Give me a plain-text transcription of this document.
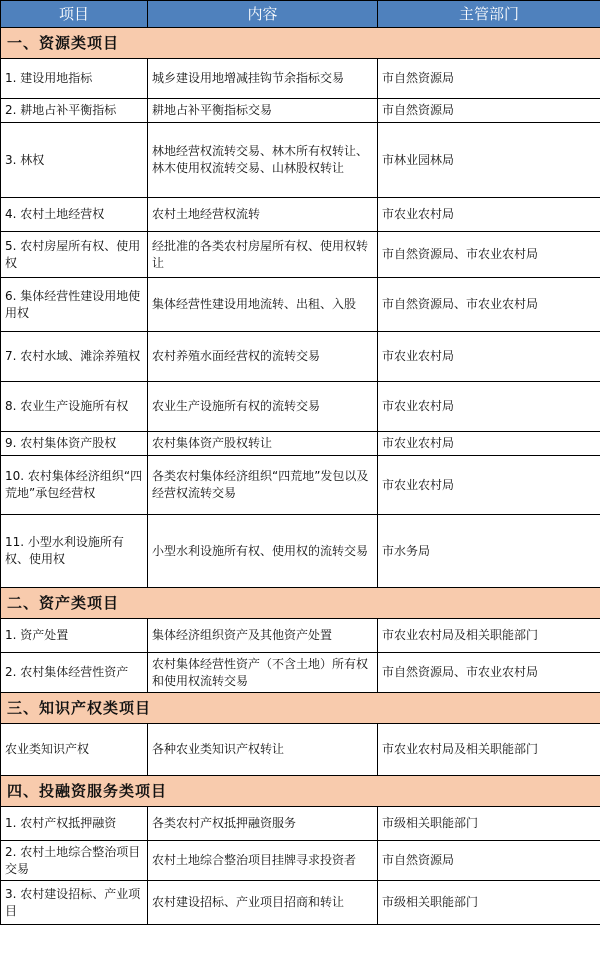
项目	内容	主管部门
一、资源类项目		
1. 建设用地指标	城乡建设用地增减挂钩节余指标交易	市自然资源局
2. 耕地占补平衡指标	耕地占补平衡指标交易	市自然资源局
3. 林权	林地经营权流转交易、林木所有权转让、林木使用权流转交易、山林股权转让	市林业园林局
4. 农村土地经营权	农村土地经营权流转	市农业农村局
5. 农村房屋所有权、使用权	经批准的各类农村房屋所有权、使用权转让	市自然资源局、市农业农村局
6. 集体经营性建设用地使用权	集体经营性建设用地流转、出租、入股	市自然资源局、市农业农村局
7. 农村水域、滩涂养殖权	农村养殖水面经营权的流转交易	市农业农村局
8. 农业生产设施所有权	农业生产设施所有权的流转交易	市农业农村局
9. 农村集体资产股权	农村集体资产股权转让	市农业农村局
10. 农村集体经济组织“四荒地”承包经营权	各类农村集体经济组织“四荒地”发包以及经营权流转交易	市农业农村局
11. 小型水利设施所有权、使用权	小型水利设施所有权、使用权的流转交易	市水务局
二、资产类项目		
1. 资产处置	集体经济组织资产及其他资产处置	市农业农村局及相关职能部门
2. 农村集体经营性资产	农村集体经营性资产（不含土地）所有权和使用权流转交易	市自然资源局、市农业农村局
三、知识产权类项目		
农业类知识产权	各种农业类知识产权转让	市农业农村局及相关职能部门
四、投融资服务类项目		
1. 农村产权抵押融资	各类农村产权抵押融资服务	市级相关职能部门
2. 农村土地综合整治项目交易	农村土地综合整治项目挂牌寻求投资者	市自然资源局
3. 农村建设招标、产业项目	农村建设招标、产业项目招商和转让	市级相关职能部门
